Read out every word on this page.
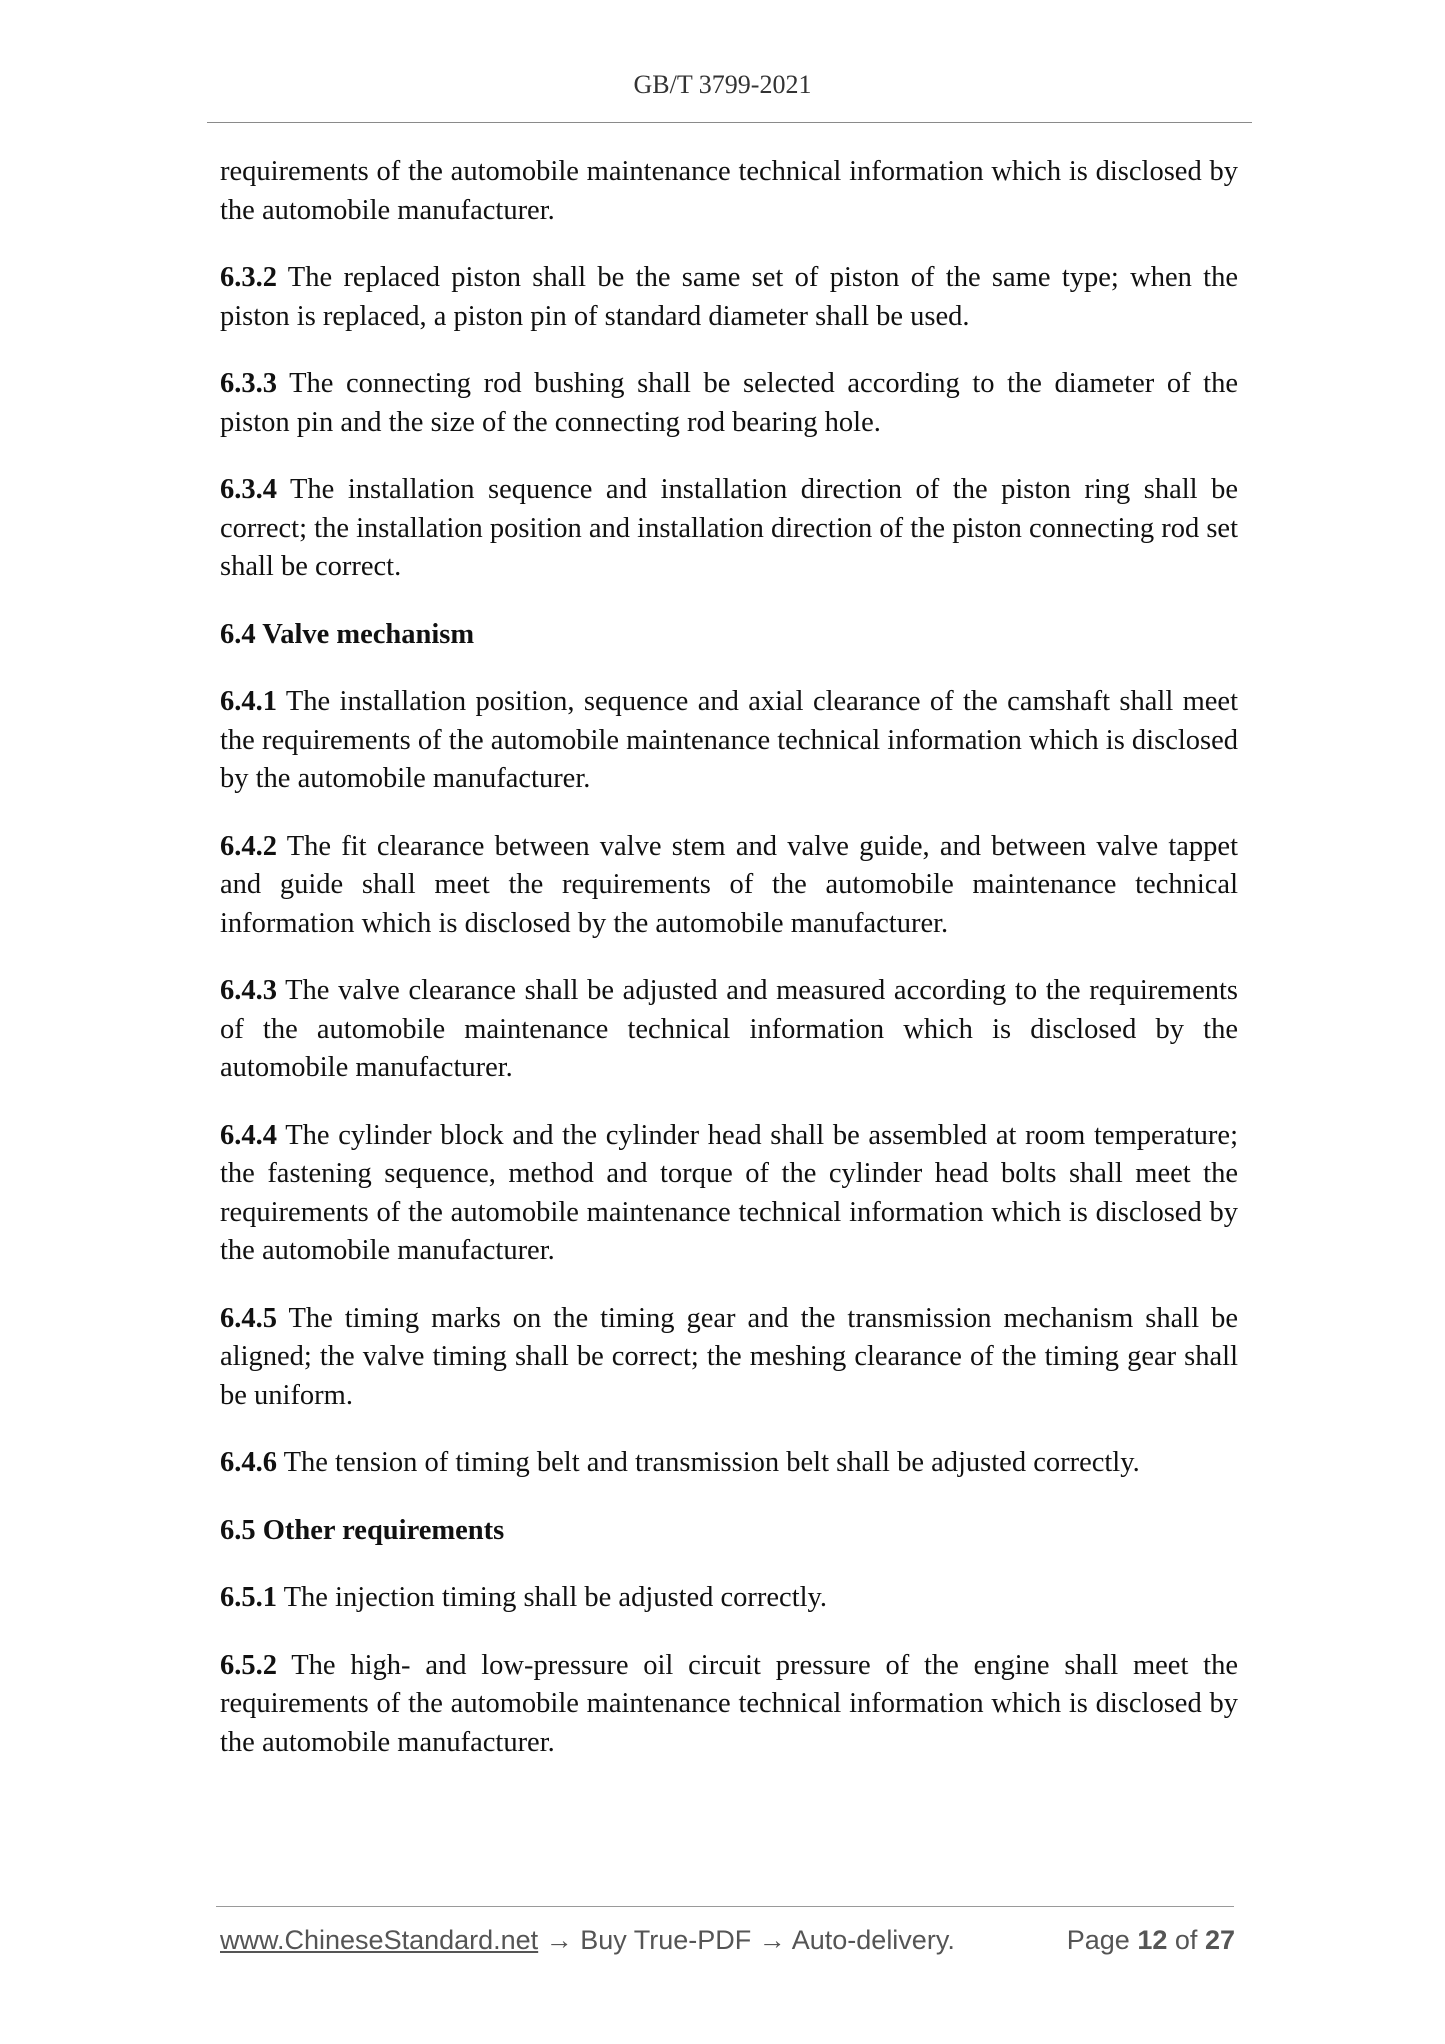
GB/T 3799-2021

requirements of the automobile maintenance technical information which is disclosed by the automobile manufacturer.

6.3.2 The replaced piston shall be the same set of piston of the same type; when the piston is replaced, a piston pin of standard diameter shall be used.

6.3.3 The connecting rod bushing shall be selected according to the diameter of the piston pin and the size of the connecting rod bearing hole.

6.3.4 The installation sequence and installation direction of the piston ring shall be correct; the installation position and installation direction of the piston connecting rod set shall be correct.

6.4 Valve mechanism

6.4.1 The installation position, sequence and axial clearance of the camshaft shall meet the requirements of the automobile maintenance technical information which is disclosed by the automobile manufacturer.

6.4.2 The fit clearance between valve stem and valve guide, and between valve tappet and guide shall meet the requirements of the automobile maintenance technical information which is disclosed by the automobile manufacturer.

6.4.3 The valve clearance shall be adjusted and measured according to the requirements of the automobile maintenance technical information which is disclosed by the automobile manufacturer.

6.4.4 The cylinder block and the cylinder head shall be assembled at room temperature; the fastening sequence, method and torque of the cylinder head bolts shall meet the requirements of the automobile maintenance technical information which is disclosed by the automobile manufacturer.

6.4.5 The timing marks on the timing gear and the transmission mechanism shall be aligned; the valve timing shall be correct; the meshing clearance of the timing gear shall be uniform.

6.4.6 The tension of timing belt and transmission belt shall be adjusted correctly.

6.5 Other requirements

6.5.1 The injection timing shall be adjusted correctly.

6.5.2 The high- and low-pressure oil circuit pressure of the engine shall meet the requirements of the automobile maintenance technical information which is disclosed by the automobile manufacturer.

www.ChineseStandard.net → Buy True-PDF → Auto-delivery.	Page 12 of 27
